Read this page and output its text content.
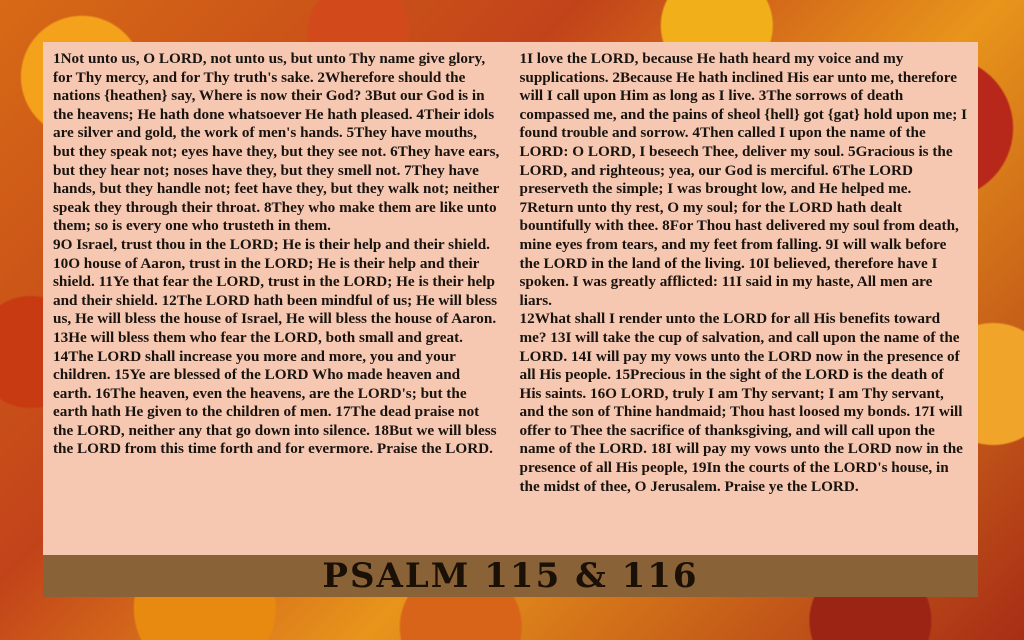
1Not unto us, O LORD, not unto us, but unto Thy name give glory, for Thy mercy, and for Thy truth's sake. 2Wherefore should the nations {heathen} say, Where is now their God? 3But our God is in the heavens; He hath done whatsoever He hath pleased. 4Their idols are silver and gold, the work of men's hands. 5They have mouths, but they speak not; eyes have they, but they see not. 6They have ears, but they hear not; noses have they, but they smell not. 7They have hands, but they handle not; feet have they, but they walk not; neither speak they through their throat. 8They who make them are like unto them; so is every one who trusteth in them.
9O Israel, trust thou in the LORD; He is their help and their shield. 10O house of Aaron, trust in the LORD; He is their help and their shield. 11Ye that fear the LORD, trust in the LORD; He is their help and their shield. 12The LORD hath been mindful of us; He will bless us, He will bless the house of Israel, He will bless the house of Aaron. 13He will bless them who fear the LORD, both small and great. 14The LORD shall increase you more and more, you and your children. 15Ye are blessed of the LORD Who made heaven and earth. 16The heaven, even the heavens, are the LORD's; but the earth hath He given to the children of men. 17The dead praise not the LORD, neither any that go down into silence. 18But we will bless the LORD from this time forth and for evermore. Praise the LORD.
1I love the LORD, because He hath heard my voice and my supplications. 2Because He hath inclined His ear unto me, therefore will I call upon Him as long as I live. 3The sorrows of death compassed me, and the pains of sheol {hell} got {gat} hold upon me; I found trouble and sorrow. 4Then called I upon the name of the LORD: O LORD, I beseech Thee, deliver my soul. 5Gracious is the LORD, and righteous; yea, our God is merciful. 6The LORD preserveth the simple; I was brought low, and He helped me. 7Return unto thy rest, O my soul; for the LORD hath dealt bountifully with thee. 8For Thou hast delivered my soul from death, mine eyes from tears, and my feet from falling. 9I will walk before the LORD in the land of the living. 10I believed, therefore have I spoken. I was greatly afflicted: 11I said in my haste, All men are liars.
12What shall I render unto the LORD for all His benefits toward me? 13I will take the cup of salvation, and call upon the name of the LORD. 14I will pay my vows unto the LORD now in the presence of all His people. 15Precious in the sight of the LORD is the death of His saints. 16O LORD, truly I am Thy servant; I am Thy servant, and the son of Thine handmaid; Thou hast loosed my bonds. 17I will offer to Thee the sacrifice of thanksgiving, and will call upon the name of the LORD. 18I will pay my vows unto the LORD now in the presence of all His people, 19In the courts of the LORD's house, in the midst of thee, O Jerusalem. Praise ye the LORD.
PSALM 115 & 116
